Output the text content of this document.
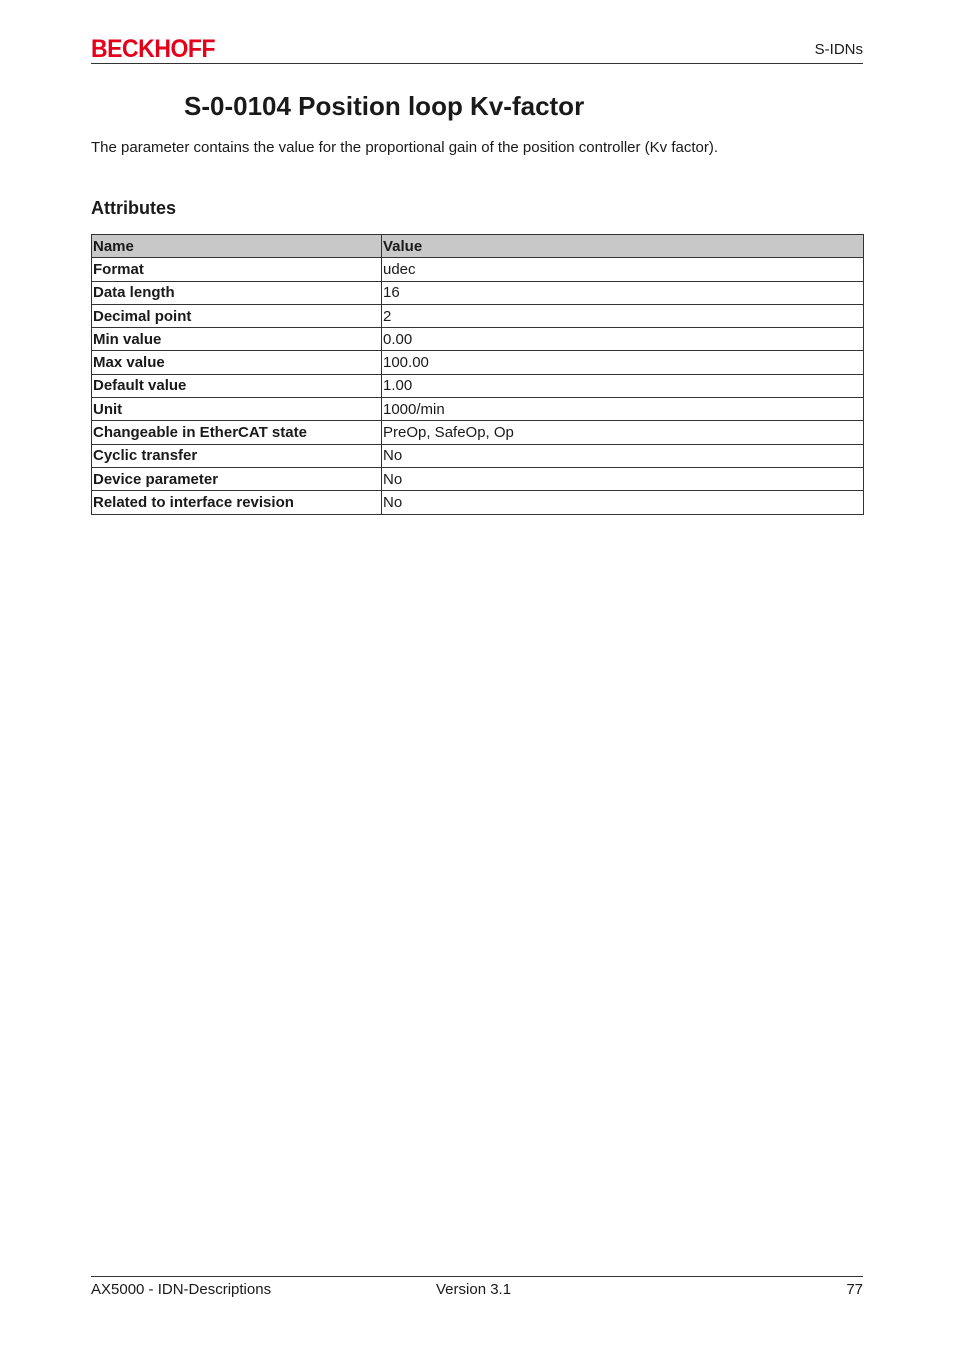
BECKHOFF	S-IDNs
S-0-0104 Position loop Kv-factor

The parameter contains the value for the proportional gain of the position controller (Kv factor).

Attributes
Name	Value
Format	udec
Data length	16
Decimal point	2
Min value	0.00
Max value	100.00
Default value	1.00
Unit	1000/min
Changeable in EtherCAT state	PreOp, SafeOp, Op
Cyclic transfer	No
Device parameter	No
Related to interface revision	No
AX5000 - IDN-Descriptions	Version 3.1	77
